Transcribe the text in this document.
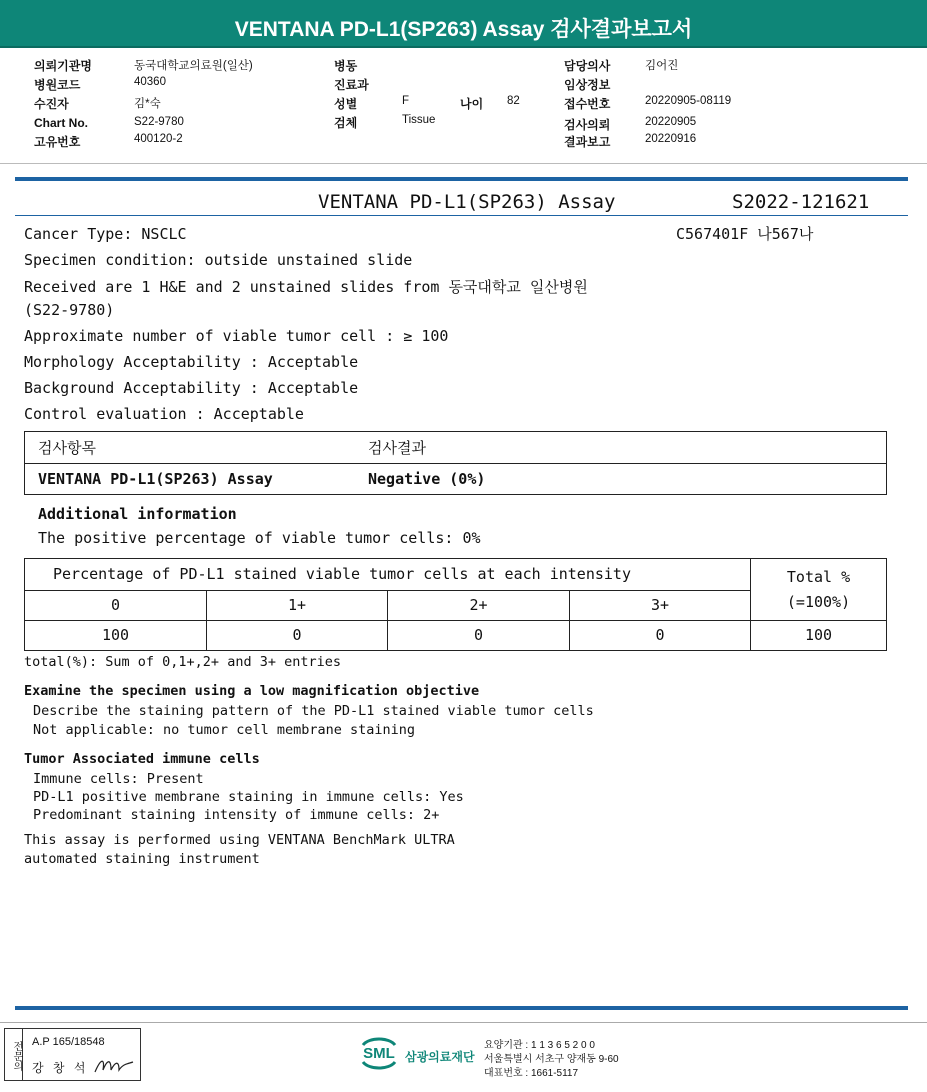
VENTANA PD-L1(SP263) Assay 검사결과보고서
의뢰기관명	동국대학교의료원(일산)
병원코드	40360
수진자	김*숙
Chart No.	S22-9780
고유번호	400120-2
병동
진료과
성별	F
검체	Tissue
나이 82
담당의사	김어진
임상정보
접수번호	20220905-08119
검사의뢰	20220905
결과보고	20220916
VENTANA PD-L1(SP263) Assay	S2022-121621
C567401F 나567나
Cancer Type: NSCLC
Specimen condition: outside unstained slide
Received are 1 H&E and 2 unstained slides from 동국대학교 일산병원
(S22-9780)
Approximate number of viable tumor cell : ≥ 100
Morphology Acceptability : Acceptable
Background Acceptability : Acceptable
Control evaluation : Acceptable
검사항목	검사결과
VENTANA PD-L1(SP263) Assay	Negative (0%)
Additional information
The positive percentage of viable tumor cells: 0%
Percentage of PD-L1 stained viable tumor cells at each intensity	Total %
(=100%)
0	1+	2+	3+
100	0	0	0	100
total(%): Sum of 0,1+,2+ and 3+ entries
Examine the specimen using a low magnification objective
Describe the staining pattern of the PD-L1 stained viable tumor cells
Not applicable: no tumor cell membrane staining
Tumor Associated immune cells
Immune cells: Present
PD-L1 positive membrane staining in immune cells: Yes
Predominant staining intensity of immune cells: 2+
This assay is performed using VENTANA BenchMark ULTRA
automated staining instrument
전문의 A.P 165/18548
강 창 석
SML 삼광의료재단
요양기관 : 1 1 3 6 5 2 0 0
서울특별시 서초구 양재동 9-60
대표번호 : 1661-5117
